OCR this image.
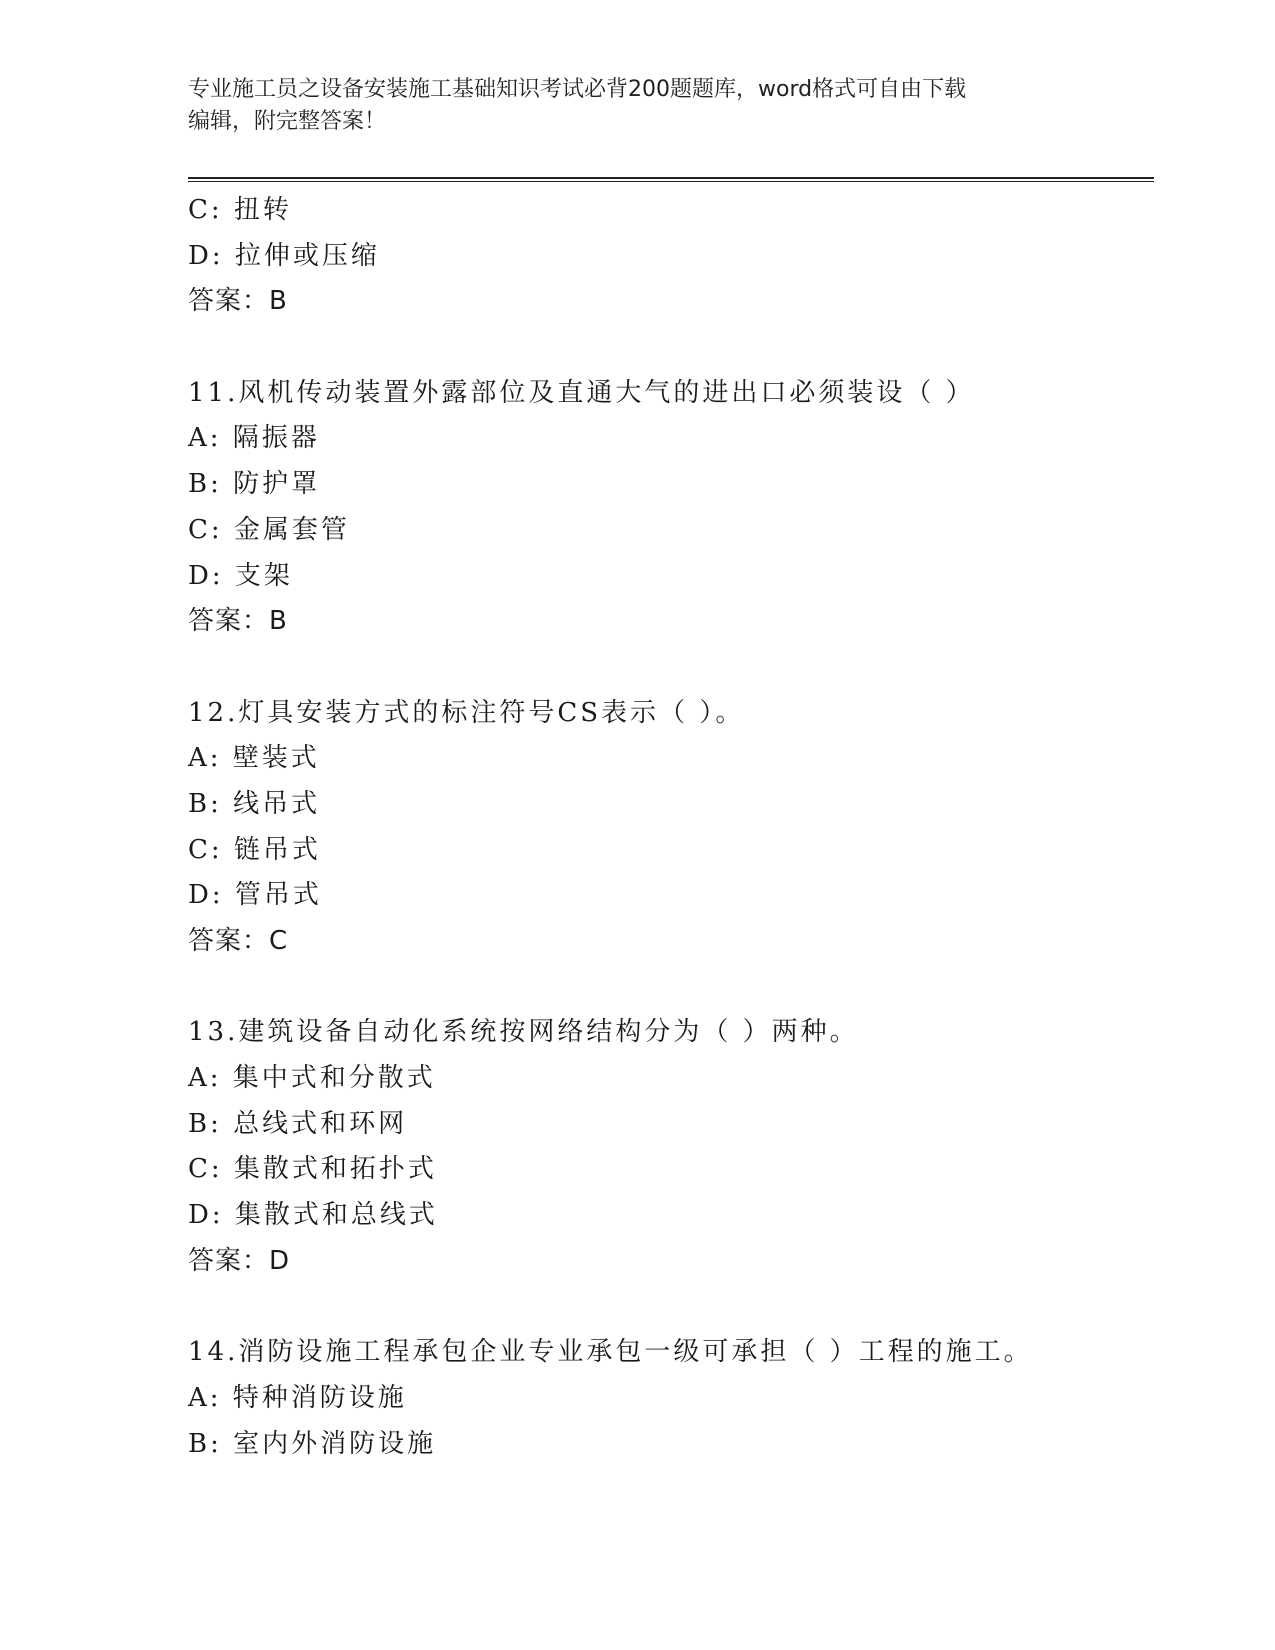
专业施工员之设备安装施工基础知识考试必背200题题库，word格式可自由下载
编辑，附完整答案！
C: 扭转
D: 拉伸或压缩
答案：B
11.风机传动装置外露部位及直通大气的进出口必须装设（ ）
A: 隔振器
B: 防护罩
C: 金属套管
D: 支架
答案：B
12.灯具安装方式的标注符号CS表示（ ）。
A: 壁装式
B: 线吊式
C: 链吊式
D: 管吊式
答案：C
13.建筑设备自动化系统按网络结构分为（ ）两种。
A: 集中式和分散式
B: 总线式和环网
C: 集散式和拓扑式
D: 集散式和总线式
答案：D
14.消防设施工程承包企业专业承包一级可承担（ ）工程的施工。
A: 特种消防设施
B: 室内外消防设施
